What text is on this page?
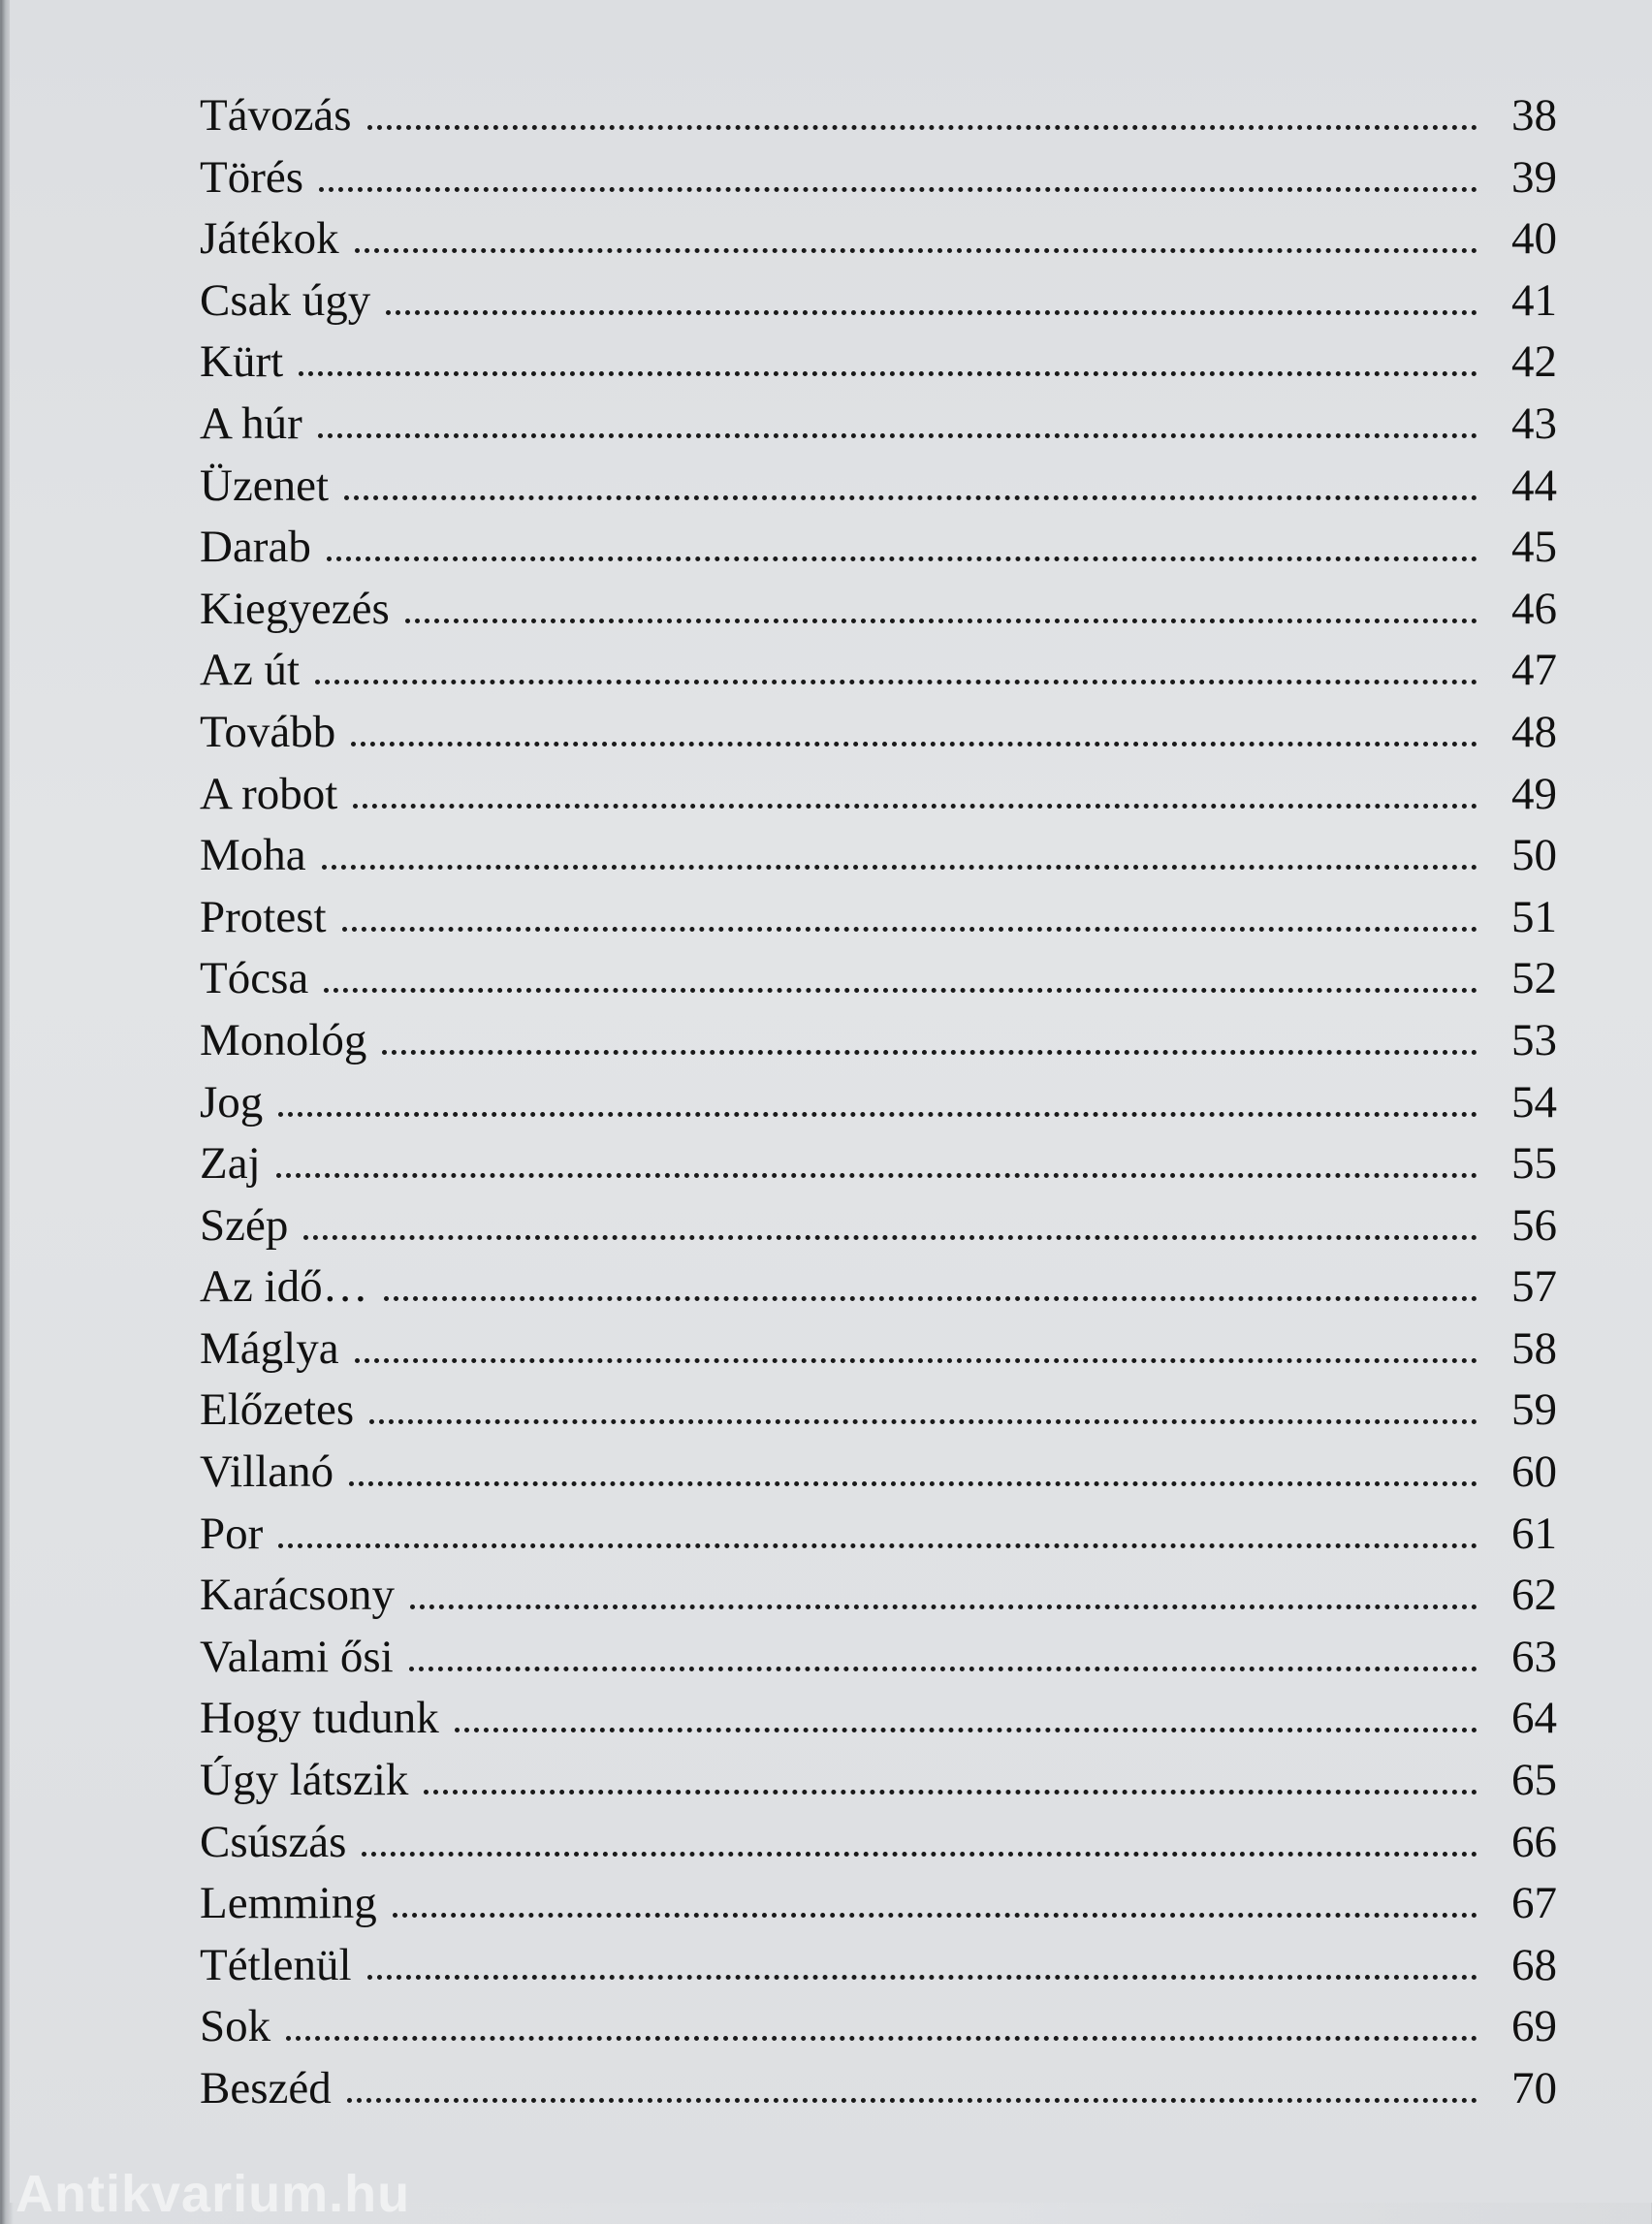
Távozás	38
Törés	39
Játékok	40
Csak úgy	41
Kürt	42
A húr	43
Üzenet	44
Darab	45
Kiegyezés	46
Az út	47
Tovább	48
A robot	49
Moha	50
Protest	51
Tócsa	52
Monológ	53
Jog	54
Zaj	55
Szép	56
Az idő…	57
Máglya	58
Előzetes	59
Villanó	60
Por	61
Karácsony	62
Valami ősi	63
Hogy tudunk	64
Úgy látszik	65
Csúszás	66
Lemming	67
Tétlenül	68
Sok	69
Beszéd	70
Antikvarium.hu
